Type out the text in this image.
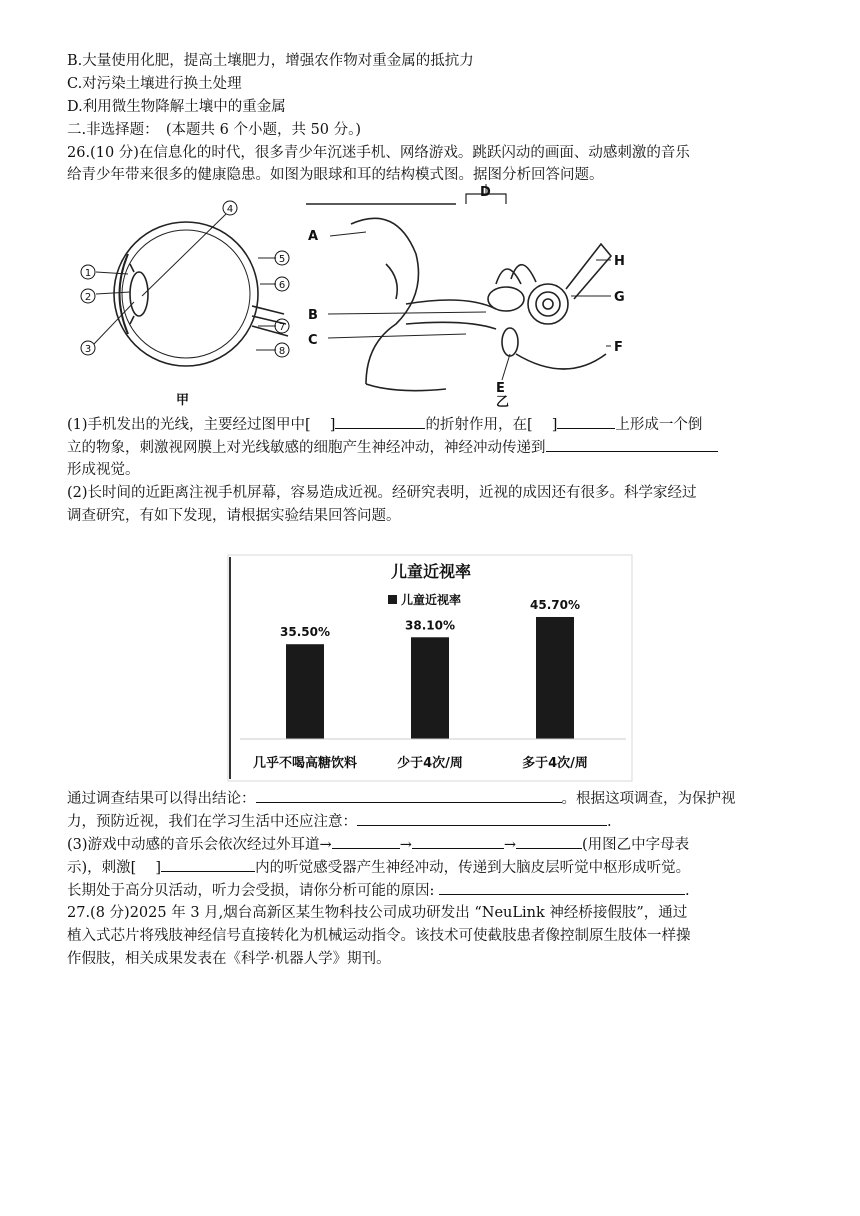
B.大量使用化肥，提高土壤肥力，增强农作物对重金属的抵抗力
C.对污染土壤进行换土处理
D.利用微生物降解土壤中的重金属
二.非选择题：　(本题共 6 个小题，共 50 分。)
26.(10 分)在信息化的时代，很多青少年沉迷手机、网络游戏。跳跃闪动的画面、动感刺激的音乐
给青少年带来很多的健康隐患。如图为眼球和耳的结构模式图。据图分析回答问题。
1
2
3
4
5
6
7
8
甲
A
B
C
D
E
F
G
H
乙
(1)手机发出的光线，主要经过图甲中[　 ]	的折射作用，在[　 ]	上形成一个倒
立的物象，刺激视网膜上对光线敏感的细胞产生神经冲动，神经冲动传递到
形成视觉。
(2)长时间的近距离注视手机屏幕，容易造成近视。经研究表明，近视的成因还有很多。科学家经过
调查研究，有如下发现，请根据实验结果回答问题。
儿童近视率
儿童近视率
35.50%
几乎不喝高糖饮料
38.10%
少于4次/周
45.70%
多于4次/周
通过调查结果可以得出结论：	。根据这项调查，为保护视
力，预防近视，我们在学习生活中还应注意：	.
(3)游戏中动感的音乐会依次经过外耳道→	→	→	(用图乙中字母表
示)，刺激[　 ]	内的听觉感受器产生神经冲动，传递到大脑皮层听觉中枢形成听觉。
长期处于高分贝活动，听力会受损，请你分析可能的原因:	.
27.(8 分)2025 年 3 月,烟台高新区某生物科技公司成功研发出 “NeuLink 神经桥接假肢”，通过
植入式芯片将残肢神经信号直接转化为机械运动指令。该技术可使截肢患者像控制原生肢体一样操
作假肢，相关成果发表在《科学·机器人学》期刊。
